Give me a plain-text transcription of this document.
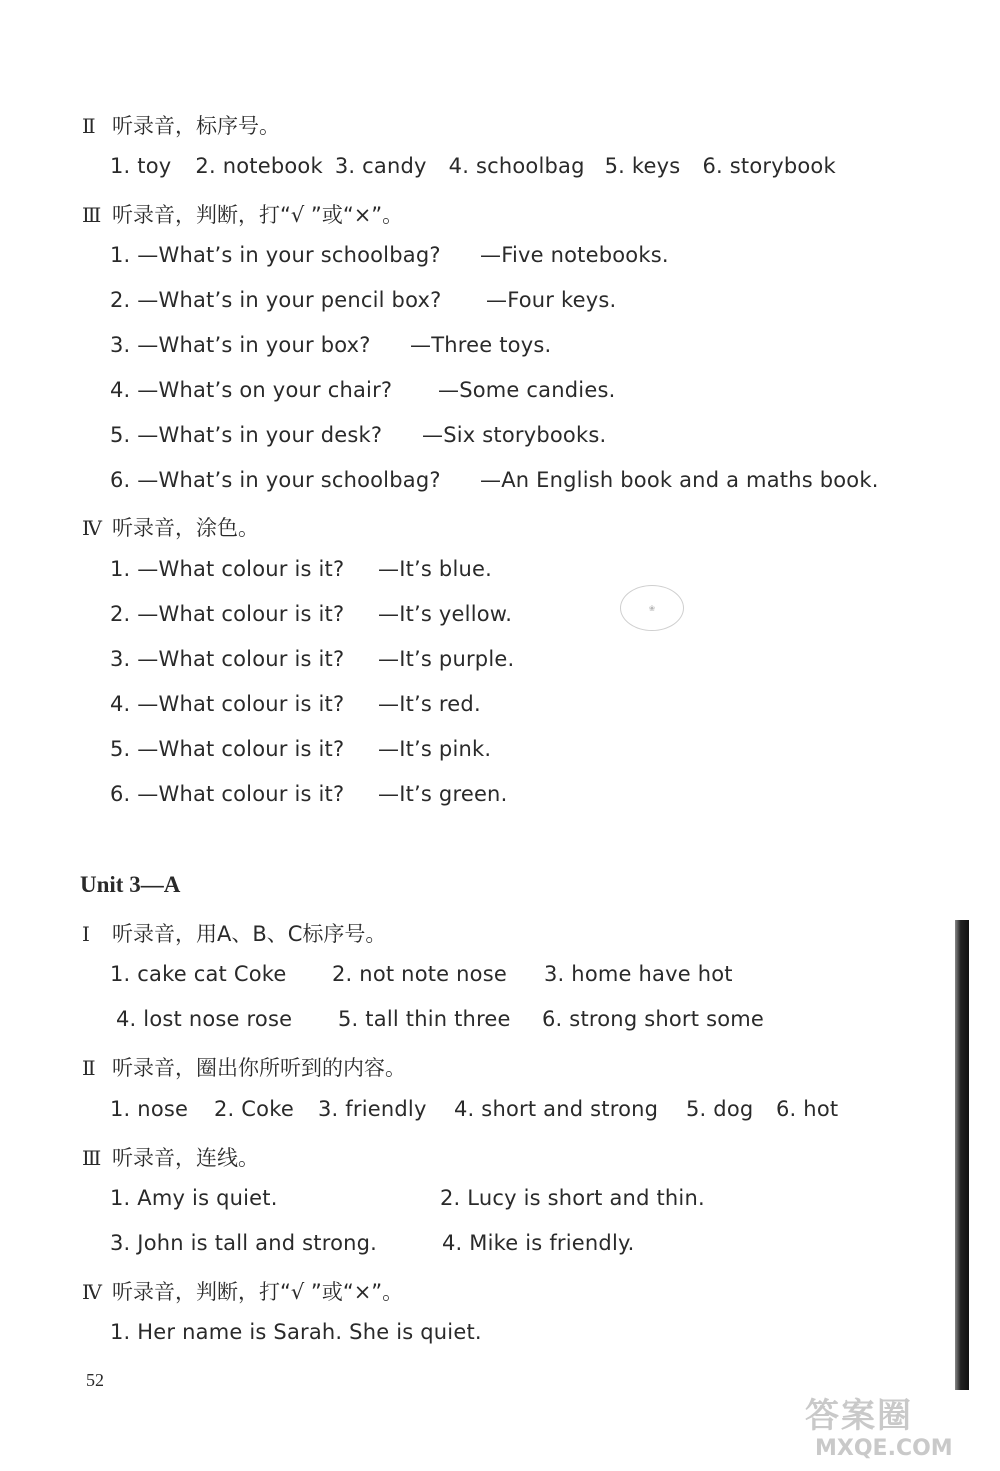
Ⅱ 听录音，标序号。
1. toy 2. notebook 3. candy 4. schoolbag 5. keys 6. storybook
Ⅲ 听录音，判断，打“√ ”或“×”。
1. —What’s in your schoolbag? —Five notebooks.
2. —What’s in your pencil box? —Four keys.
3. —What’s in your box? —Three toys.
4. —What’s on your chair? —Some candies.
5. —What’s in your desk? —Six storybooks.
6. —What’s in your schoolbag? —An English book and a maths book.
Ⅳ 听录音，涂色。
1. —What colour is it? —It’s blue.
2. —What colour is it? —It’s yellow.
3. —What colour is it? —It’s purple.
4. —What colour is it? —It’s red.
5. —What colour is it? —It’s pink.
6. —What colour is it? —It’s green.
❀
Unit 3—A
Ⅰ 听录音，用A、B、C标序号。
1. cake cat Coke 2. not note nose 3. home have hot
4. lost nose rose 5. tall thin three 6. strong short some
Ⅱ 听录音，圈出你所听到的内容。
1. nose 2. Coke 3. friendly 4. short and strong 5. dog 6. hot
Ⅲ 听录音，连线。
1. Amy is quiet.	2. Lucy is short and thin.
3. John is tall and strong.	4. Mike is friendly.
Ⅳ 听录音，判断，打“√ ”或“×”。
1. Her name is Sarah. She is quiet.
52
答案圈
MXQE.COM
